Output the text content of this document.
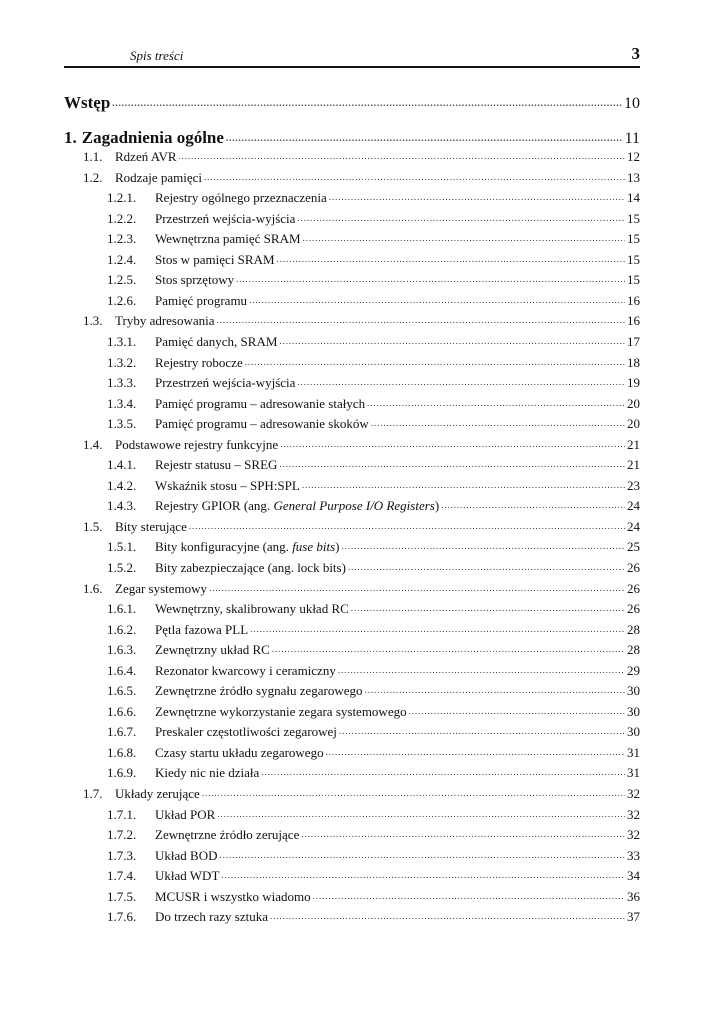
Spis treści	3
Wstęp .....	10
1. Zagadnienia ogólne .....	11
1.1. Rdzeń AVR .....	12
1.2. Rodzaje pamięci .....	13
1.2.1.	Rejestry ogólnego przeznaczenia .....	14
1.2.2.	Przestrzeń wejścia-wyjścia .....	15
1.2.3.	Wewnętrzna pamięć SRAM .....	15
1.2.4.	Stos w pamięci SRAM .....	15
1.2.5.	Stos sprzętowy .....	15
1.2.6.	Pamięć programu .....	16
1.3. Tryby adresowania .....	16
1.3.1.	Pamięć danych, SRAM .....	17
1.3.2.	Rejestry robocze .....	18
1.3.3.	Przestrzeń wejścia-wyjścia .....	19
1.3.4.	Pamięć programu – adresowanie stałych .....	20
1.3.5.	Pamięć programu – adresowanie skoków .....	20
1.4. Podstawowe rejestry funkcyjne .....	21
1.4.1.	Rejestr statusu – SREG .....	21
1.4.2.	Wskaźnik stosu – SPH:SPL .....	23
1.4.3.	Rejestry GPIOR (ang. General Purpose I/O Registers) .....	24
1.5. Bity sterujące .....	24
1.5.1.	Bity konfiguracyjne (ang. fuse bits) .....	25
1.5.2.	Bity zabezpieczające (ang. lock bits) .....	26
1.6. Zegar systemowy .....	26
1.6.1.	Wewnętrzny, skalibrowany układ RC .....	26
1.6.2.	Pętla fazowa PLL .....	28
1.6.3.	Zewnętrzny układ RC .....	28
1.6.4.	Rezonator kwarcowy i ceramiczny .....	29
1.6.5.	Zewnętrzne źródło sygnału zegarowego .....	30
1.6.6.	Zewnętrzne wykorzystanie zegara systemowego .....	30
1.6.7.	Preskaler częstotliwości zegarowej .....	30
1.6.8.	Czasy startu układu zegarowego .....	31
1.6.9.	Kiedy nic nie działa .....	31
1.7. Układy zerujące .....	32
1.7.1.	Układ POR .....	32
1.7.2.	Zewnętrzne źródło zerujące .....	32
1.7.3.	Układ BOD .....	33
1.7.4.	Układ WDT .....	34
1.7.5.	MCUSR i wszystko wiadomo .....	36
1.7.6.	Do trzech razy sztuka .....	37
